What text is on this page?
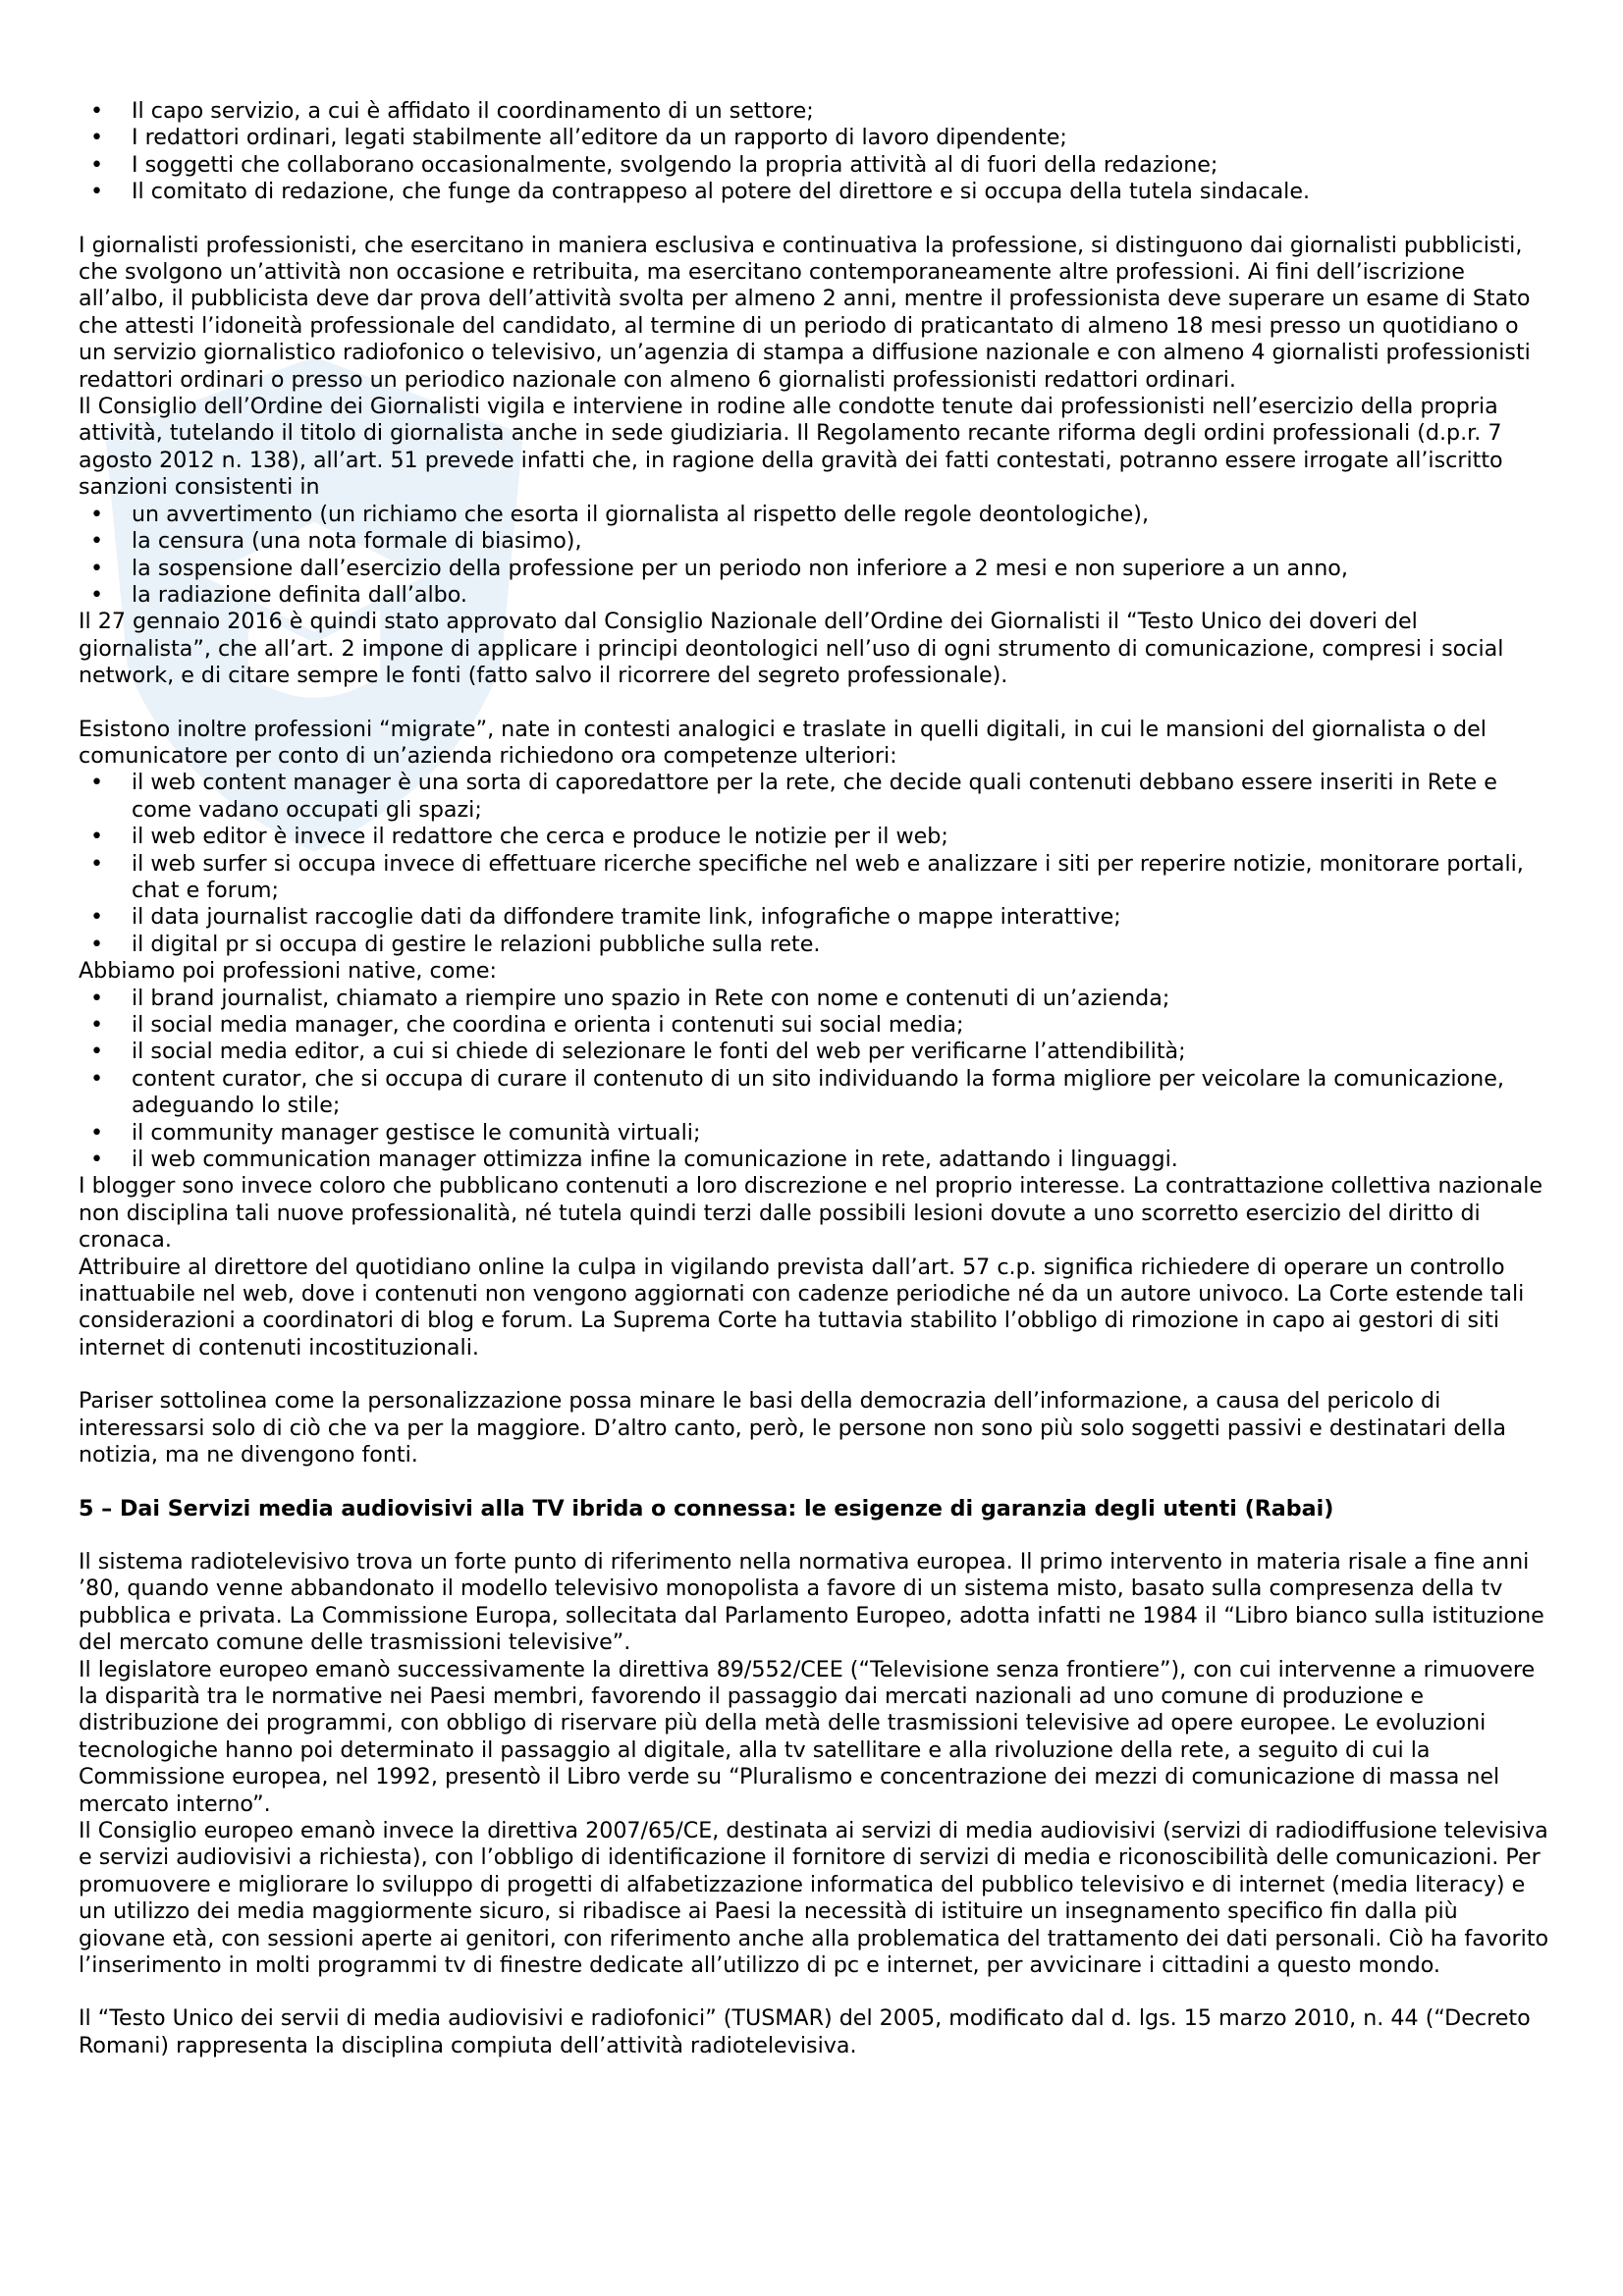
• Il capo servizio, a cui è affidato il coordinamento di un settore;
• I redattori ordinari, legati stabilmente all’editore da un rapporto di lavoro dipendente;
• I soggetti che collaborano occasionalmente, svolgendo la propria attività al di fuori della redazione;
• Il comitato di redazione, che funge da contrappeso al potere del direttore e si occupa della tutela sindacale.

I giornalisti professionisti, che esercitano in maniera esclusiva e continuativa la professione, si distinguono dai giornalisti pubblicisti, che svolgono un’attività non occasione e retribuita, ma esercitano contemporaneamente altre professioni. Ai fini dell’iscrizione all’albo, il pubblicista deve dar prova dell’attività svolta per almeno 2 anni, mentre il professionista deve superare un esame di Stato che attesti l’idoneità professionale del candidato, al termine di un periodo di praticantato di almeno 18 mesi presso un quotidiano o un servizio giornalistico radiofonico o televisivo, un’agenzia di stampa a diffusione nazionale e con almeno 4 giornalisti professionisti redattori ordinari o presso un periodico nazionale con almeno 6 giornalisti professionisti redattori ordinari.

Il Consiglio dell’Ordine dei Giornalisti vigila e interviene in rodine alle condotte tenute dai professionisti nell’esercizio della propria attività, tutelando il titolo di giornalista anche in sede giudiziaria. Il Regolamento recante riforma degli ordini professionali (d.p.r. 7 agosto 2012 n. 138), all’art. 51 prevede infatti che, in ragione della gravità dei fatti contestati, potranno essere irrogate all’iscritto sanzioni consistenti in

• un avvertimento (un richiamo che esorta il giornalista al rispetto delle regole deontologiche),
• la censura (una nota formale di biasimo),
• la sospensione dall’esercizio della professione per un periodo non inferiore a 2 mesi e non superiore a un anno,
• la radiazione definita dall’albo.

Il 27 gennaio 2016 è quindi stato approvato dal Consiglio Nazionale dell’Ordine dei Giornalisti il “Testo Unico dei doveri del giornalista”, che all’art. 2 impone di applicare i principi deontologici nell’uso di ogni strumento di comunicazione, compresi i social network, e di citare sempre le fonti (fatto salvo il ricorrere del segreto professionale).

Esistono inoltre professioni “migrate”, nate in contesti analogici e traslate in quelli digitali, in cui le mansioni del giornalista o del comunicatore per conto di un’azienda richiedono ora competenze ulteriori:

• il web content manager è una sorta di caporedattore per la rete, che decide quali contenuti debbano essere inseriti in Rete e come vadano occupati gli spazi;
• il web editor è invece il redattore che cerca e produce le notizie per il web;
• il web surfer si occupa invece di effettuare ricerche specifiche nel web e analizzare i siti per reperire notizie, monitorare portali, chat e forum;
• il data journalist raccoglie dati da diffondere tramite link, infografiche o mappe interattive;
• il digital pr si occupa di gestire le relazioni pubbliche sulla rete.

Abbiamo poi professioni native, come:

• il brand journalist, chiamato a riempire uno spazio in Rete con nome e contenuti di un’azienda;
• il social media manager, che coordina e orienta i contenuti sui social media;
• il social media editor, a cui si chiede di selezionare le fonti del web per verificarne l’attendibilità;
• content curator, che si occupa di curare il contenuto di un sito individuando la forma migliore per veicolare la comunicazione, adeguando lo stile;
• il community manager gestisce le comunità virtuali;
• il web communication manager ottimizza infine la comunicazione in rete, adattando i linguaggi.

I blogger sono invece coloro che pubblicano contenuti a loro discrezione e nel proprio interesse. La contrattazione collettiva nazionale non disciplina tali nuove professionalità, né tutela quindi terzi dalle possibili lesioni dovute a uno scorretto esercizio del diritto di cronaca.

Attribuire al direttore del quotidiano online la culpa in vigilando prevista dall’art. 57 c.p. significa richiedere di operare un controllo inattuabile nel web, dove i contenuti non vengono aggiornati con cadenze periodiche né da un autore univoco. La Corte estende tali considerazioni a coordinatori di blog e forum. La Suprema Corte ha tuttavia stabilito l’obbligo di rimozione in capo ai gestori di siti internet di contenuti incostituzionali.

Pariser sottolinea come la personalizzazione possa minare le basi della democrazia dell’informazione, a causa del pericolo di interessarsi solo di ciò che va per la maggiore. D’altro canto, però, le persone non sono più solo soggetti passivi e destinatari della notizia, ma ne divengono fonti.

5 – Dai Servizi media audiovisivi alla TV ibrida o connessa: le esigenze di garanzia degli utenti (Rabai)

Il sistema radiotelevisivo trova un forte punto di riferimento nella normativa europea. Il primo intervento in materia risale a fine anni ’80, quando venne abbandonato il modello televisivo monopolista a favore di un sistema misto, basato sulla compresenza della tv pubblica e privata. La Commissione Europa, sollecitata dal Parlamento Europeo, adotta infatti ne 1984 il “Libro bianco sulla istituzione del mercato comune delle trasmissioni televisive”.

Il legislatore europeo emanò successivamente la direttiva 89/552/CEE (“Televisione senza frontiere”), con cui intervenne a rimuovere la disparità tra le normative nei Paesi membri, favorendo il passaggio dai mercati nazionali ad uno comune di produzione e distribuzione dei programmi, con obbligo di riservare più della metà delle trasmissioni televisive ad opere europee. Le evoluzioni tecnologiche hanno poi determinato il passaggio al digitale, alla tv satellitare e alla rivoluzione della rete, a seguito di cui la Commissione europea, nel 1992, presentò il Libro verde su “Pluralismo e concentrazione dei mezzi di comunicazione di massa nel mercato interno”.

Il Consiglio europeo emanò invece la direttiva 2007/65/CE, destinata ai servizi di media audiovisivi (servizi di radiodiffusione televisiva e servizi audiovisivi a richiesta), con l’obbligo di identificazione il fornitore di servizi di media e riconoscibilità delle comunicazioni. Per promuovere e migliorare lo sviluppo di progetti di alfabetizzazione informatica del pubblico televisivo e di internet (media literacy) e un utilizzo dei media maggiormente sicuro, si ribadisce ai Paesi la necessità di istituire un insegnamento specifico fin dalla più giovane età, con sessioni aperte ai genitori, con riferimento anche alla problematica del trattamento dei dati personali. Ciò ha favorito l’inserimento in molti programmi tv di finestre dedicate all’utilizzo di pc e internet, per avvicinare i cittadini a questo mondo.

Il “Testo Unico dei servii di media audiovisivi e radiofonici” (TUSMAR) del 2005, modificato dal d. lgs. 15 marzo 2010, n. 44 (“Decreto Romani) rappresenta la disciplina compiuta dell’attività radiotelevisiva.
